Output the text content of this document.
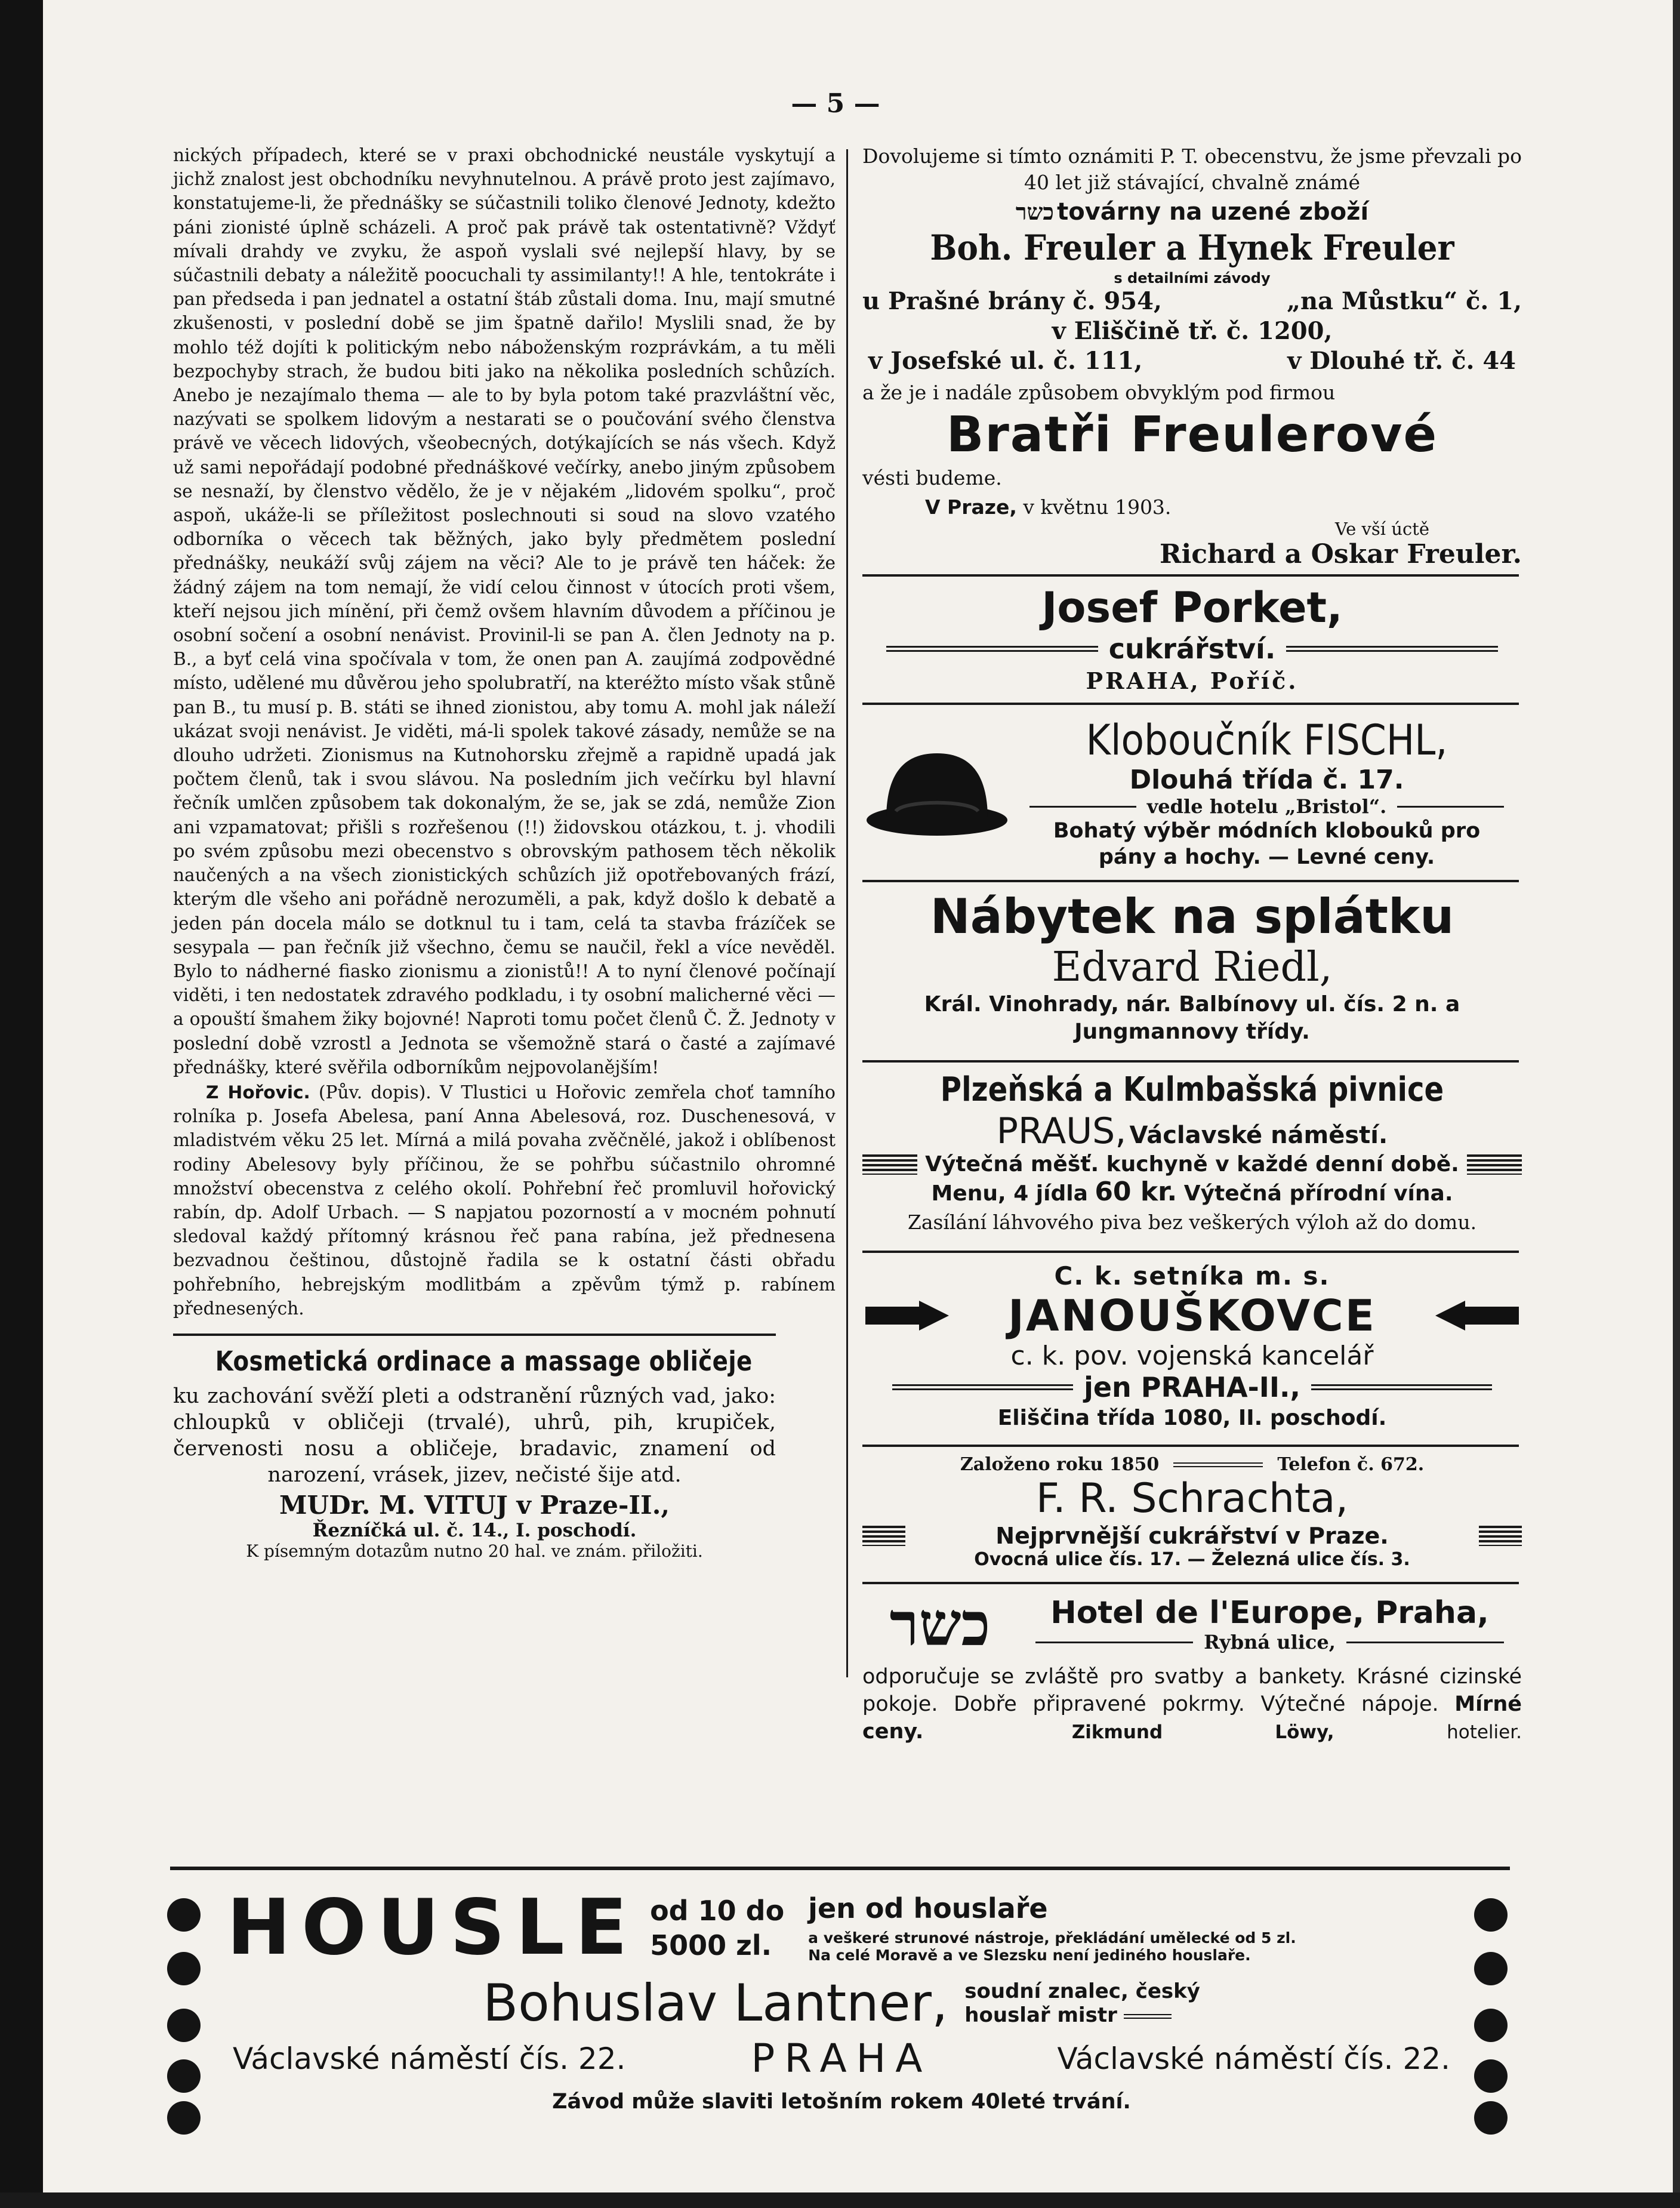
— 5 —

nických případech, které se v praxi obchodnické neustále vyskytují a jichž znalost jest obchodníku nevyhnutelnou. A právě proto jest zajímavo, konstatujeme-li, že přednášky se súčastnili toliko členové Jednoty, kdežto páni zionisté úplně scházeli. A proč pak právě tak ostentativně? Vždyť mívali drahdy ve zvyku, že aspoň vyslali své nejlepší hlavy, by se súčastnili debaty a náležitě poocuchali ty assimilanty!! A hle, tentokráte i pan předseda i pan jednatel a ostatní štáb zůstali doma. Inu, mají smutné zkušenosti, v poslední době se jim špatně dařilo! Myslili snad, že by mohlo též dojíti k politickým nebo náboženským rozprávkám, a tu měli bezpochyby strach, že budou biti jako na několika posledních schůzích. Anebo je nezajímalo thema — ale to by byla potom také prazvláštní věc, nazývati se spolkem lidovým a nestarati se o poučování svého členstva právě ve věcech lidových, všeobecných, dotýkajících se nás všech. Když už sami nepořádají podobné přednáškové večírky, anebo jiným způsobem se nesnaží, by členstvo vědělo, že je v nějakém „lidovém spolku“, proč aspoň, ukáže-li se příležitost poslechnouti si soud na slovo vzatého odborníka o věcech tak běžných, jako byly předmětem poslední přednášky, neukáží svůj zájem na věci? Ale to je právě ten háček: že žádný zájem na tom nemají, že vidí celou činnost v útocích proti všem, kteří nejsou jich mínění, při čemž ovšem hlavním důvodem a příčinou je osobní sočení a osobní nenávist. Provinil-li se pan A. člen Jednoty na p. B., a byť celá vina spočívala v tom, že onen pan A. zaujímá zodpovědné místo, udělené mu důvěrou jeho spolubratří, na kteréžto místo však stůně pan B., tu musí p. B. státi se ihned zionistou, aby tomu A. mohl jak náleží ukázat svoji nenávist. Je viděti, má-li spolek takové zásady, nemůže se na dlouho udržeti. Zionismus na Kutnohorsku zřejmě a rapidně upadá jak počtem členů, tak i svou slávou. Na posledním jich večírku byl hlavní řečník umlčen způsobem tak dokonalým, že se, jak se zdá, nemůže Zion ani vzpamatovat; přišli s rozřešenou (!!) židovskou otázkou, t. j. vhodili po svém způsobu mezi obecenstvo s obrovským pathosem těch několik naučených a na všech zionistických schůzích již opotřebovaných frází, kterým dle všeho ani pořádně nerozuměli, a pak, když došlo k debatě a jeden pán docela málo se dotknul tu i tam, celá ta stavba frázíček se sesypala — pan řečník již všechno, čemu se naučil, řekl a více nevěděl. Bylo to nádherné fiasko zionismu a zionistů!! A to nyní členové počínají viděti, i ten nedostatek zdravého podkladu, i ty osobní malicherné věci — a opouští šmahem žiky bojovné! Naproti tomu počet členů Č. Ž. Jednoty v poslední době vzrostl a Jednota se všemožně stará o časté a zajímavé přednášky, které svěřila odborníkům nejpovolanějším!

Z Hořovic. (Pův. dopis). V Tlustici u Hořovic zemřela choť tamního rolníka p. Josefa Abelesa, paní Anna Abelesová, roz. Duschenesová, v mladistvém věku 25 let. Mírná a milá povaha zvěčnělé, jakož i oblíbenost rodiny Abelesovy byly příčinou, že se pohřbu súčastnilo ohromné množství obecenstva z celého okolí. Pohřební řeč promluvil hořovický rabín, dp. Adolf Urbach. — S napjatou pozorností a v mocném pohnutí sledoval každý přítomný krásnou řeč pana rabína, jež přednesena bezvadnou češtinou, důstojně řadila se k ostatní části obřadu pohřebního, hebrejským modlitbám a zpěvům týmž p. rabínem přednesených.

Kosmetická ordinace a massage obličeje
ku zachování svěží pleti a odstranění různých vad, jako: chloupků v obličeji (trvalé), uhrů, pih, krupiček, červenosti nosu a obličeje, bradavic, znamení od narození, vrásek, jizev, nečisté šije atd.
MUDr. M. VITUJ v Praze-II.,
Řezníčká ul. č. 14., I. poschodí.
K písemným dotazům nutno 20 hal. ve znám. přiložiti.
Dovolujeme si tímto oznámiti P. T. obecenstvu, že jsme převzali po 40 let již stávající, chvalně známé
כשר továrny na uzené zboží
Boh. Freuler a Hynek Freuler
s detailními závody
u Prašné brány č. 954,	„na Můstku“ č. 1,
v Eliščině tř. č. 1200,
v Josefské ul. č. 111,	v Dlouhé tř. č. 44
a že je i nadále způsobem obvyklým pod firmou
Bratři Freulerové
vésti budeme.
V Praze, v květnu 1903.
Ve vší úctě
Richard a Oskar Freuler.
Josef Porket,
cukrářství.
PRAHA, Poříč.
Kloboučník FISCHL,
Dlouhá třída č. 17.
vedle hotelu „Bristol“.
Bohatý výběr módních klobouků pro pány a hochy. — Levné ceny.
Nábytek na splátku
Edvard Riedl,
Král. Vinohrady, nár. Balbínovy ul. čís. 2 n. a Jungmannovy třídy.
Plzeňská a Kulmbašská pivnice
PRAUS, Václavské náměstí.
Výtečná měšť. kuchyně v každé denní době.
Menu, 4 jídla 60 kr. Výtečná přírodní vína.
Zasílání láhvového piva bez veškerých výloh až do domu.
C. k. setníka m. s.
JANOUŠKOVCE
c. k. pov. vojenská kancelář
jen PRAHA-II.,
Eliščina třída 1080, II. poschodí.
Založeno roku 1850	Telefon č. 672.
F. R. Schrachta,
Nejprvnější cukrářství v Praze.
Ovocná ulice čís. 17. — Železná ulice čís. 3.
כשר	Hotel de l'Europe, Praha,
Rybná ulice,
odporučuje se zvláště pro svatby a bankety. Krásné cizinské pokoje. Dobře připravené pokrmy. Výtečné nápoje. Mírné ceny.	Zikmund Löwy,	hotelier.
HOUSLE od 10 do
5000 zl.
jen od houslaře
a veškeré strunové nástroje, překládání umělecké od 5 zl.
Na celé Moravě a ve Slezsku není jediného houslaře.
Bohuslav Lantner, soudní znalec, český
houslař mistr
Václavské náměstí čís. 22.	PRAHA	Václavské náměstí čís. 22.
Závod může slaviti letošním rokem 40leté trvání.
